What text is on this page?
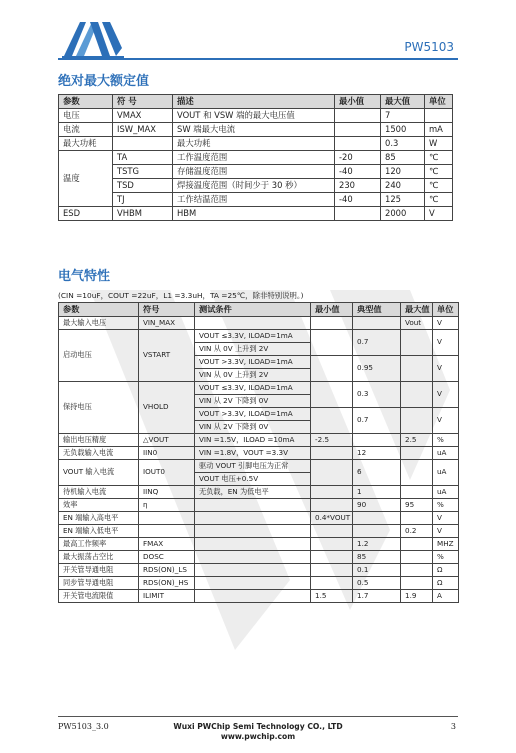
PW5103
绝对最大额定值
参数	符 号	描述	最小值	最大值	单位
电压	VMAX	VOUT 和 VSW 端的最大电压值		7	
电流	ISW_MAX	SW 端最大电流		1500	mA
最大功耗		最大功耗		0.3	W
温度	TA	工作温度范围	-20	85	℃
	TSTG	存储温度范围	-40	120	℃
	TSD	焊接温度范围（时间少于 30 秒）	230	240	℃
	TJ	工作结温范围	-40	125	℃
ESD	VHBM	HBM		2000	V
电气特性
(CIN =10uF，COUT =22uF，L1 =3.3uH，TA =25℃，除非特别说明。)
参数	符号	测试条件	最小值	典型值	最大值	单位
最大输入电压	VIN_MAX				Vout	V
启动电压	VSTART	VOUT ≤3.3V, ILOAD=1mA		0.7		V
		VIN 从 0V 上升到 2V				
		VOUT >3.3V, ILOAD=1mA		0.95		V
		VIN 从 0V 上升到 2V				
保持电压	VHOLD	VOUT ≤3.3V, ILOAD=1mA		0.3		V
		VIN 从 2V 下降到 0V				
		VOUT >3.3V, ILOAD=1mA		0.7		V
		VIN 从 2V 下降到 0V				
输出电压精度	△VOUT	VIN =1.5V，ILOAD =10mA	-2.5		2.5	%
无负载输入电流	IIN0	VIN =1.8V，VOUT =3.3V		12		uA
VOUT 输入电流	IOUT0	驱动 VOUT 引脚电压为正常		6		uA
		VOUT 电压+0.5V				
待机输入电流	IINQ	无负载，EN 为低电平		1		uA
效率	η			90	95	%
EN 端输入高电平			0.4*VOUT			V
EN 端输入低电平					0.2	V
最高工作频率	FMAX			1.2		MHZ
最大振荡占空比	DOSC			85		%
开关管导通电阻	RDS(ON)_LS			0.1		Ω
同步管导通电阻	RDS(ON)_HS			0.5		Ω
开关管电流限值	ILIMIT		1.5	1.7	1.9	A
PW5103_3.0	Wuxi PWChip Semi Technology CO., LTD
www.pwchip.com
3
